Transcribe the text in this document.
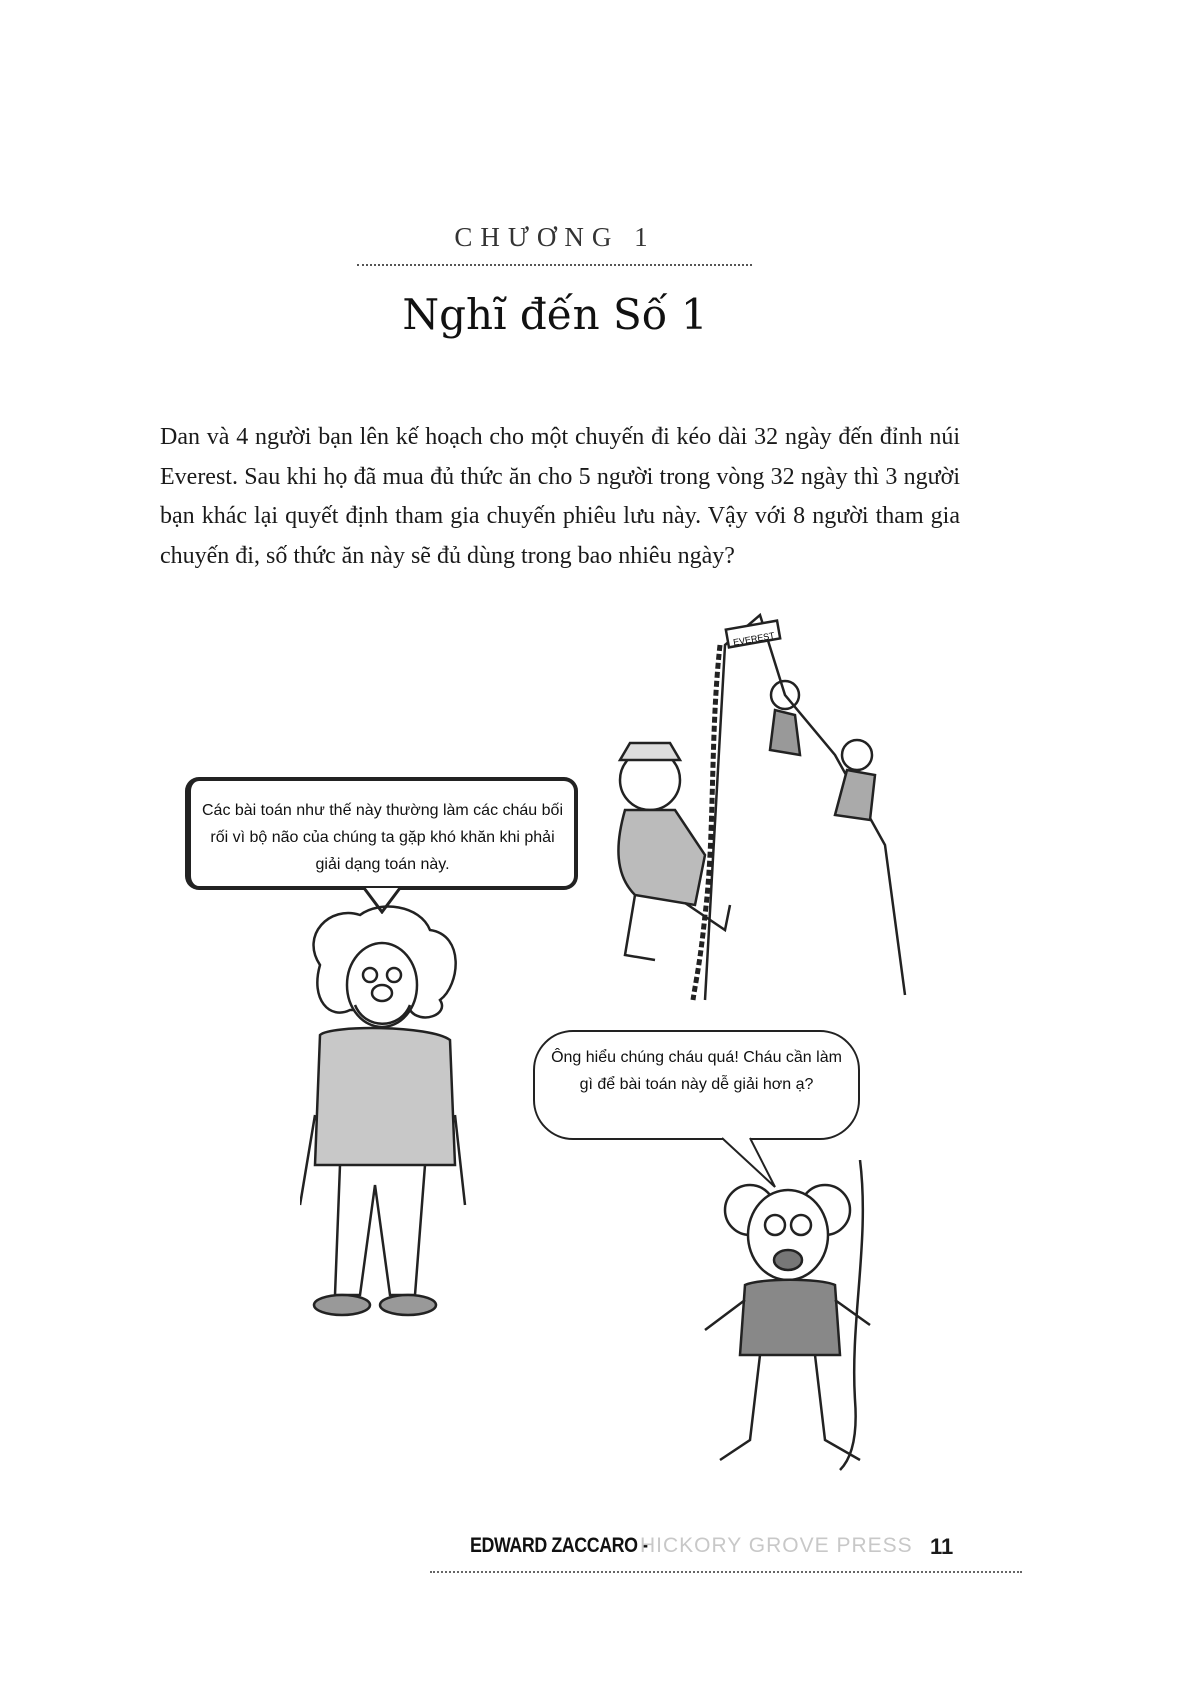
CHƯƠNG 1
Nghĩ đến Số 1
Dan và 4 người bạn lên kế hoạch cho một chuyến đi kéo dài 32 ngày đến đỉnh núi Everest. Sau khi họ đã mua đủ thức ăn cho 5 người trong vòng 32 ngày thì 3 người bạn khác lại quyết định tham gia chuyến phiêu lưu này. Vậy với 8 người tham gia chuyến đi, số thức ăn này sẽ đủ dùng trong bao nhiêu ngày?
EVEREST
Các bài toán như thế này thường làm các cháu bối rối vì bộ não của chúng ta gặp khó khăn khi phải giải dạng toán này.
Ông hiểu chúng cháu quá! Cháu cần làm gì để bài toán này dễ giải hơn ạ?
EDWARD ZACCARO -
HICKORY GROVE PRESS 11
